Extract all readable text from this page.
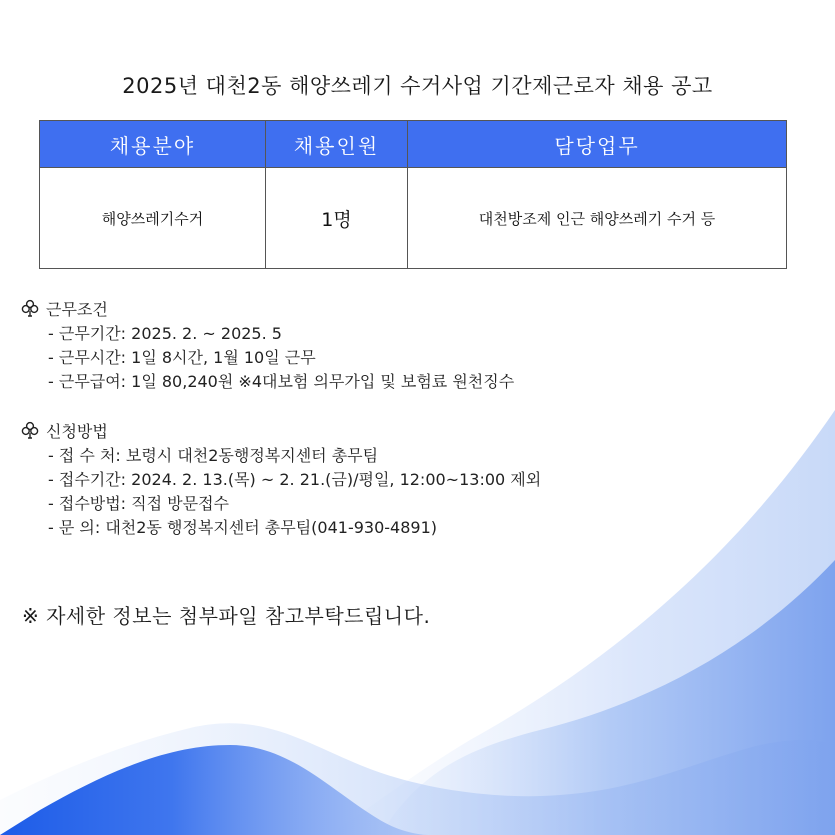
2025년 대천2동 해양쓰레기 수거사업 기간제근로자 채용 공고
채용분야	채용인원	담당업무
해양쓰레기수거	1명	대천방조제 인근 해양쓰레기 수거 등
근무조건
- 근무기간: 2025. 2. ~ 2025. 5
- 근무시간: 1일 8시간, 1월 10일 근무
- 근무급여: 1일 80,240원 ※4대보험 의무가입 및 보험료 원천징수
신청방법
- 접 수 처: 보령시 대천2동행정복지센터 총무팀
- 접수기간: 2024. 2. 13.(목) ~ 2. 21.(금)/평일, 12:00~13:00 제외
- 접수방법: 직접 방문접수
- 문 의: 대천2동 행정복지센터 총무팀(041-930-4891)
※ 자세한 정보는 첨부파일 참고부탁드립니다.
